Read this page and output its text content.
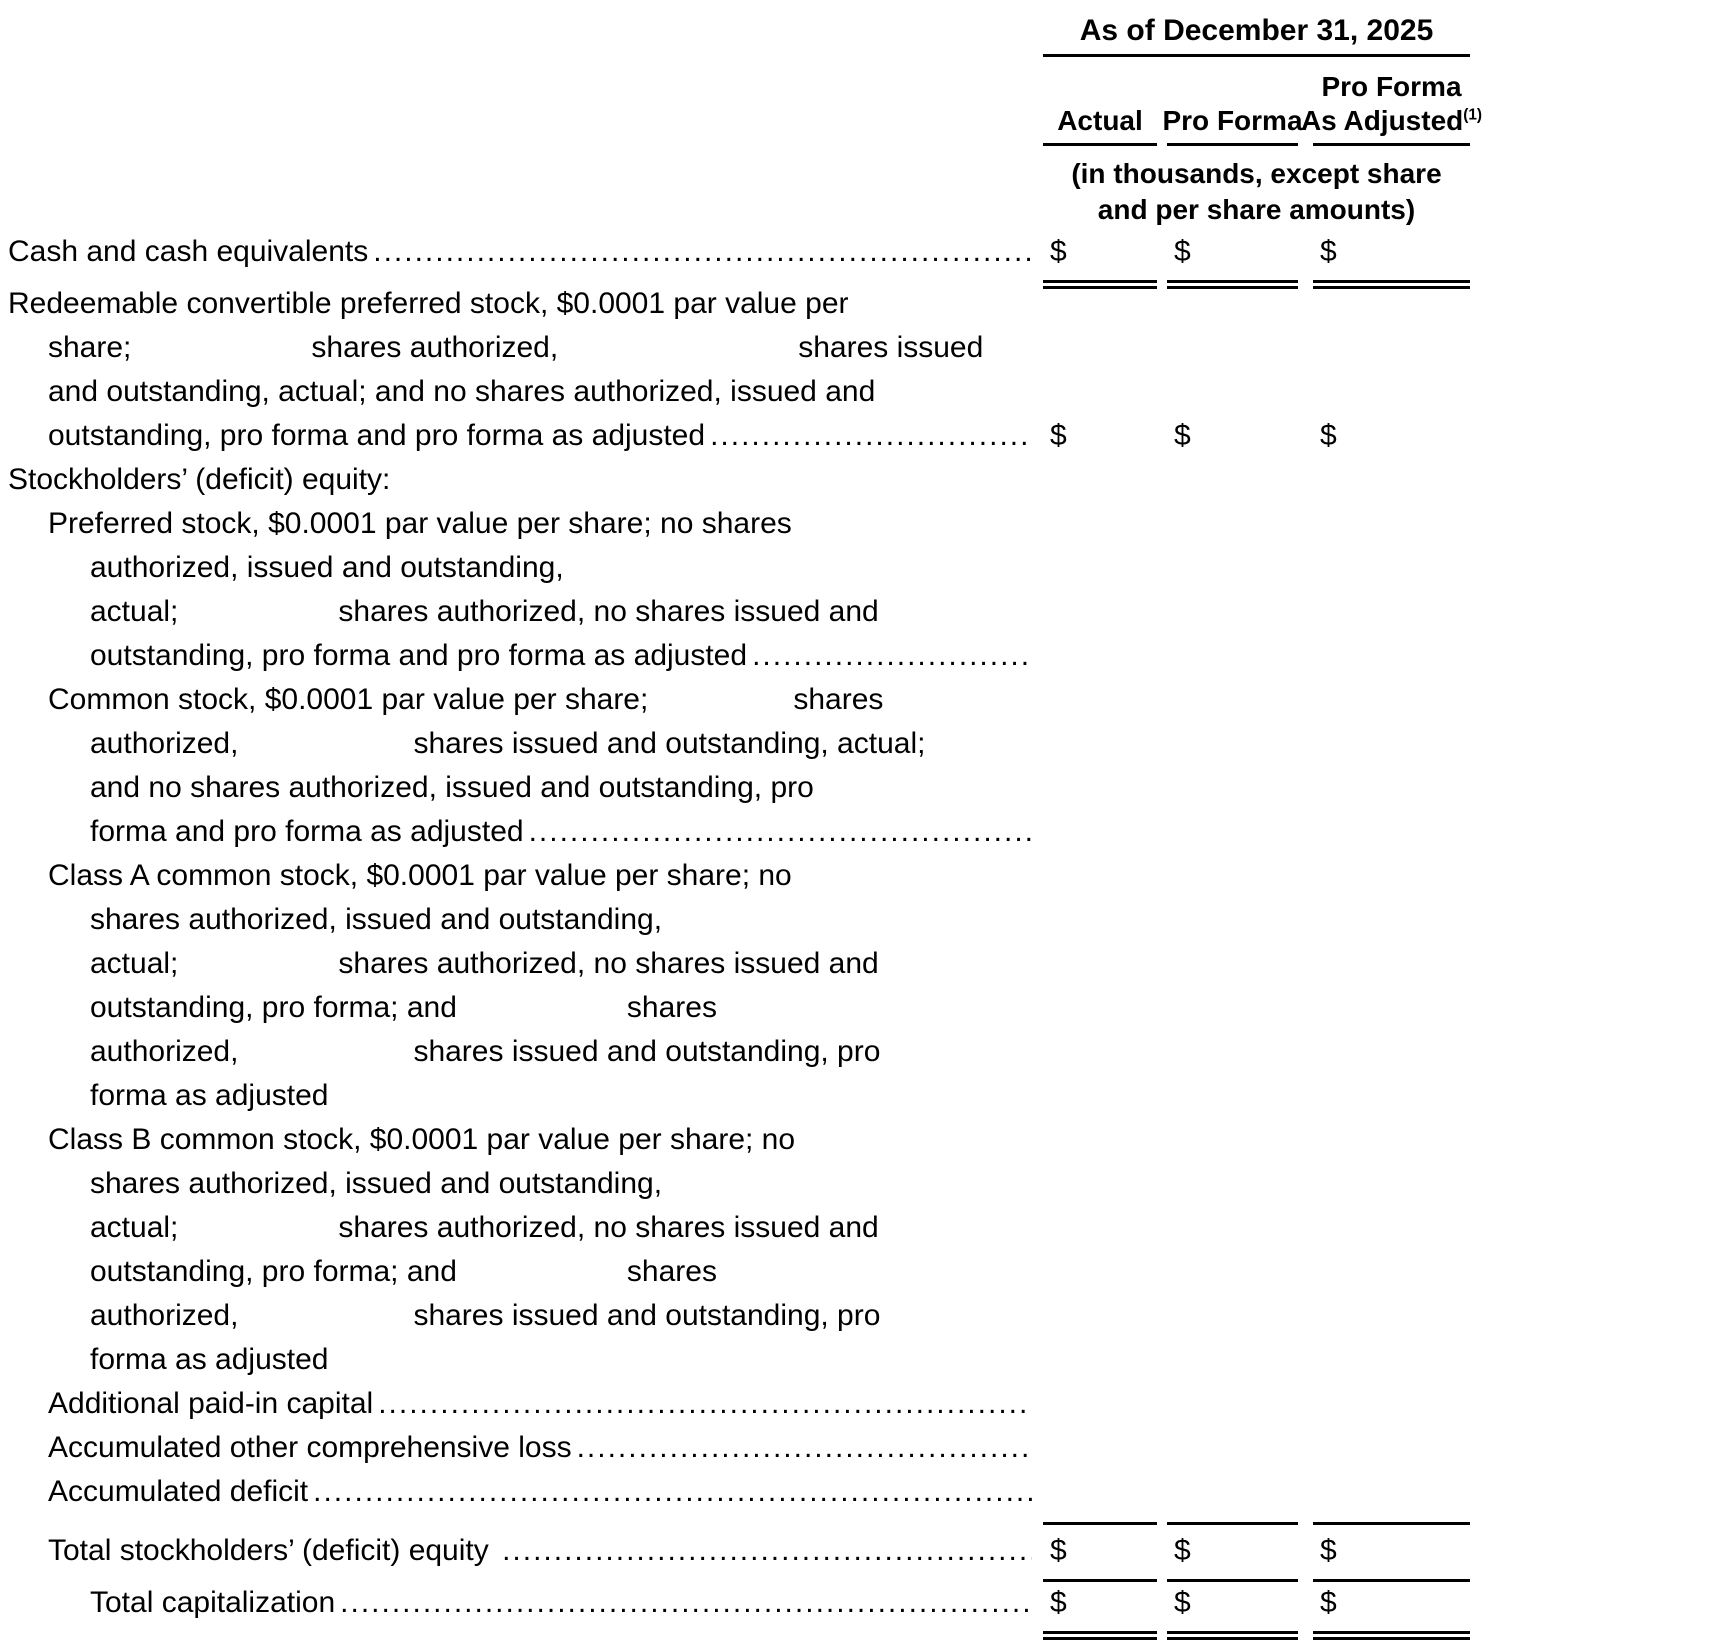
As of December 31, 2025
Actual Pro Forma
Pro Forma
As Adjusted$^{(1)}$
(in thousands, except share
and per share amounts)
Cash and cash equivalents .....	$	$	$
Redeemable convertible preferred stock, $0.0001 par value per
share;	shares authorized,	shares issued
and outstanding, actual; and no shares authorized, issued and
outstanding, pro forma and pro forma as adjusted .....	$	$	$
Stockholders’ (deficit) equity:
Preferred stock, $0.0001 par value per share; no shares
authorized, issued and outstanding,
actual;	shares authorized, no shares issued and
outstanding, pro forma and pro forma as adjusted
.....
Common stock, $0.0001 par value per share;	shares
authorized,	shares issued and outstanding, actual;
and no shares authorized, issued and outstanding, pro
forma and pro forma as adjusted
.....
Class A common stock, $0.0001 par value per share; no
shares authorized, issued and outstanding,
actual;	shares authorized, no shares issued and
outstanding, pro forma; and	shares
authorized,	shares issued and outstanding, pro
forma as adjusted
Class B common stock, $0.0001 par value per share; no
shares authorized, issued and outstanding,
actual;	shares authorized, no shares issued and
outstanding, pro forma; and	shares
authorized,	shares issued and outstanding, pro
forma as adjusted
Additional paid-in capital
.....
Accumulated other comprehensive loss
.....
Accumulated deficit
.....
Total stockholders’ (deficit) equity .....	$	$	$
Total capitalization .....	$	$	$
